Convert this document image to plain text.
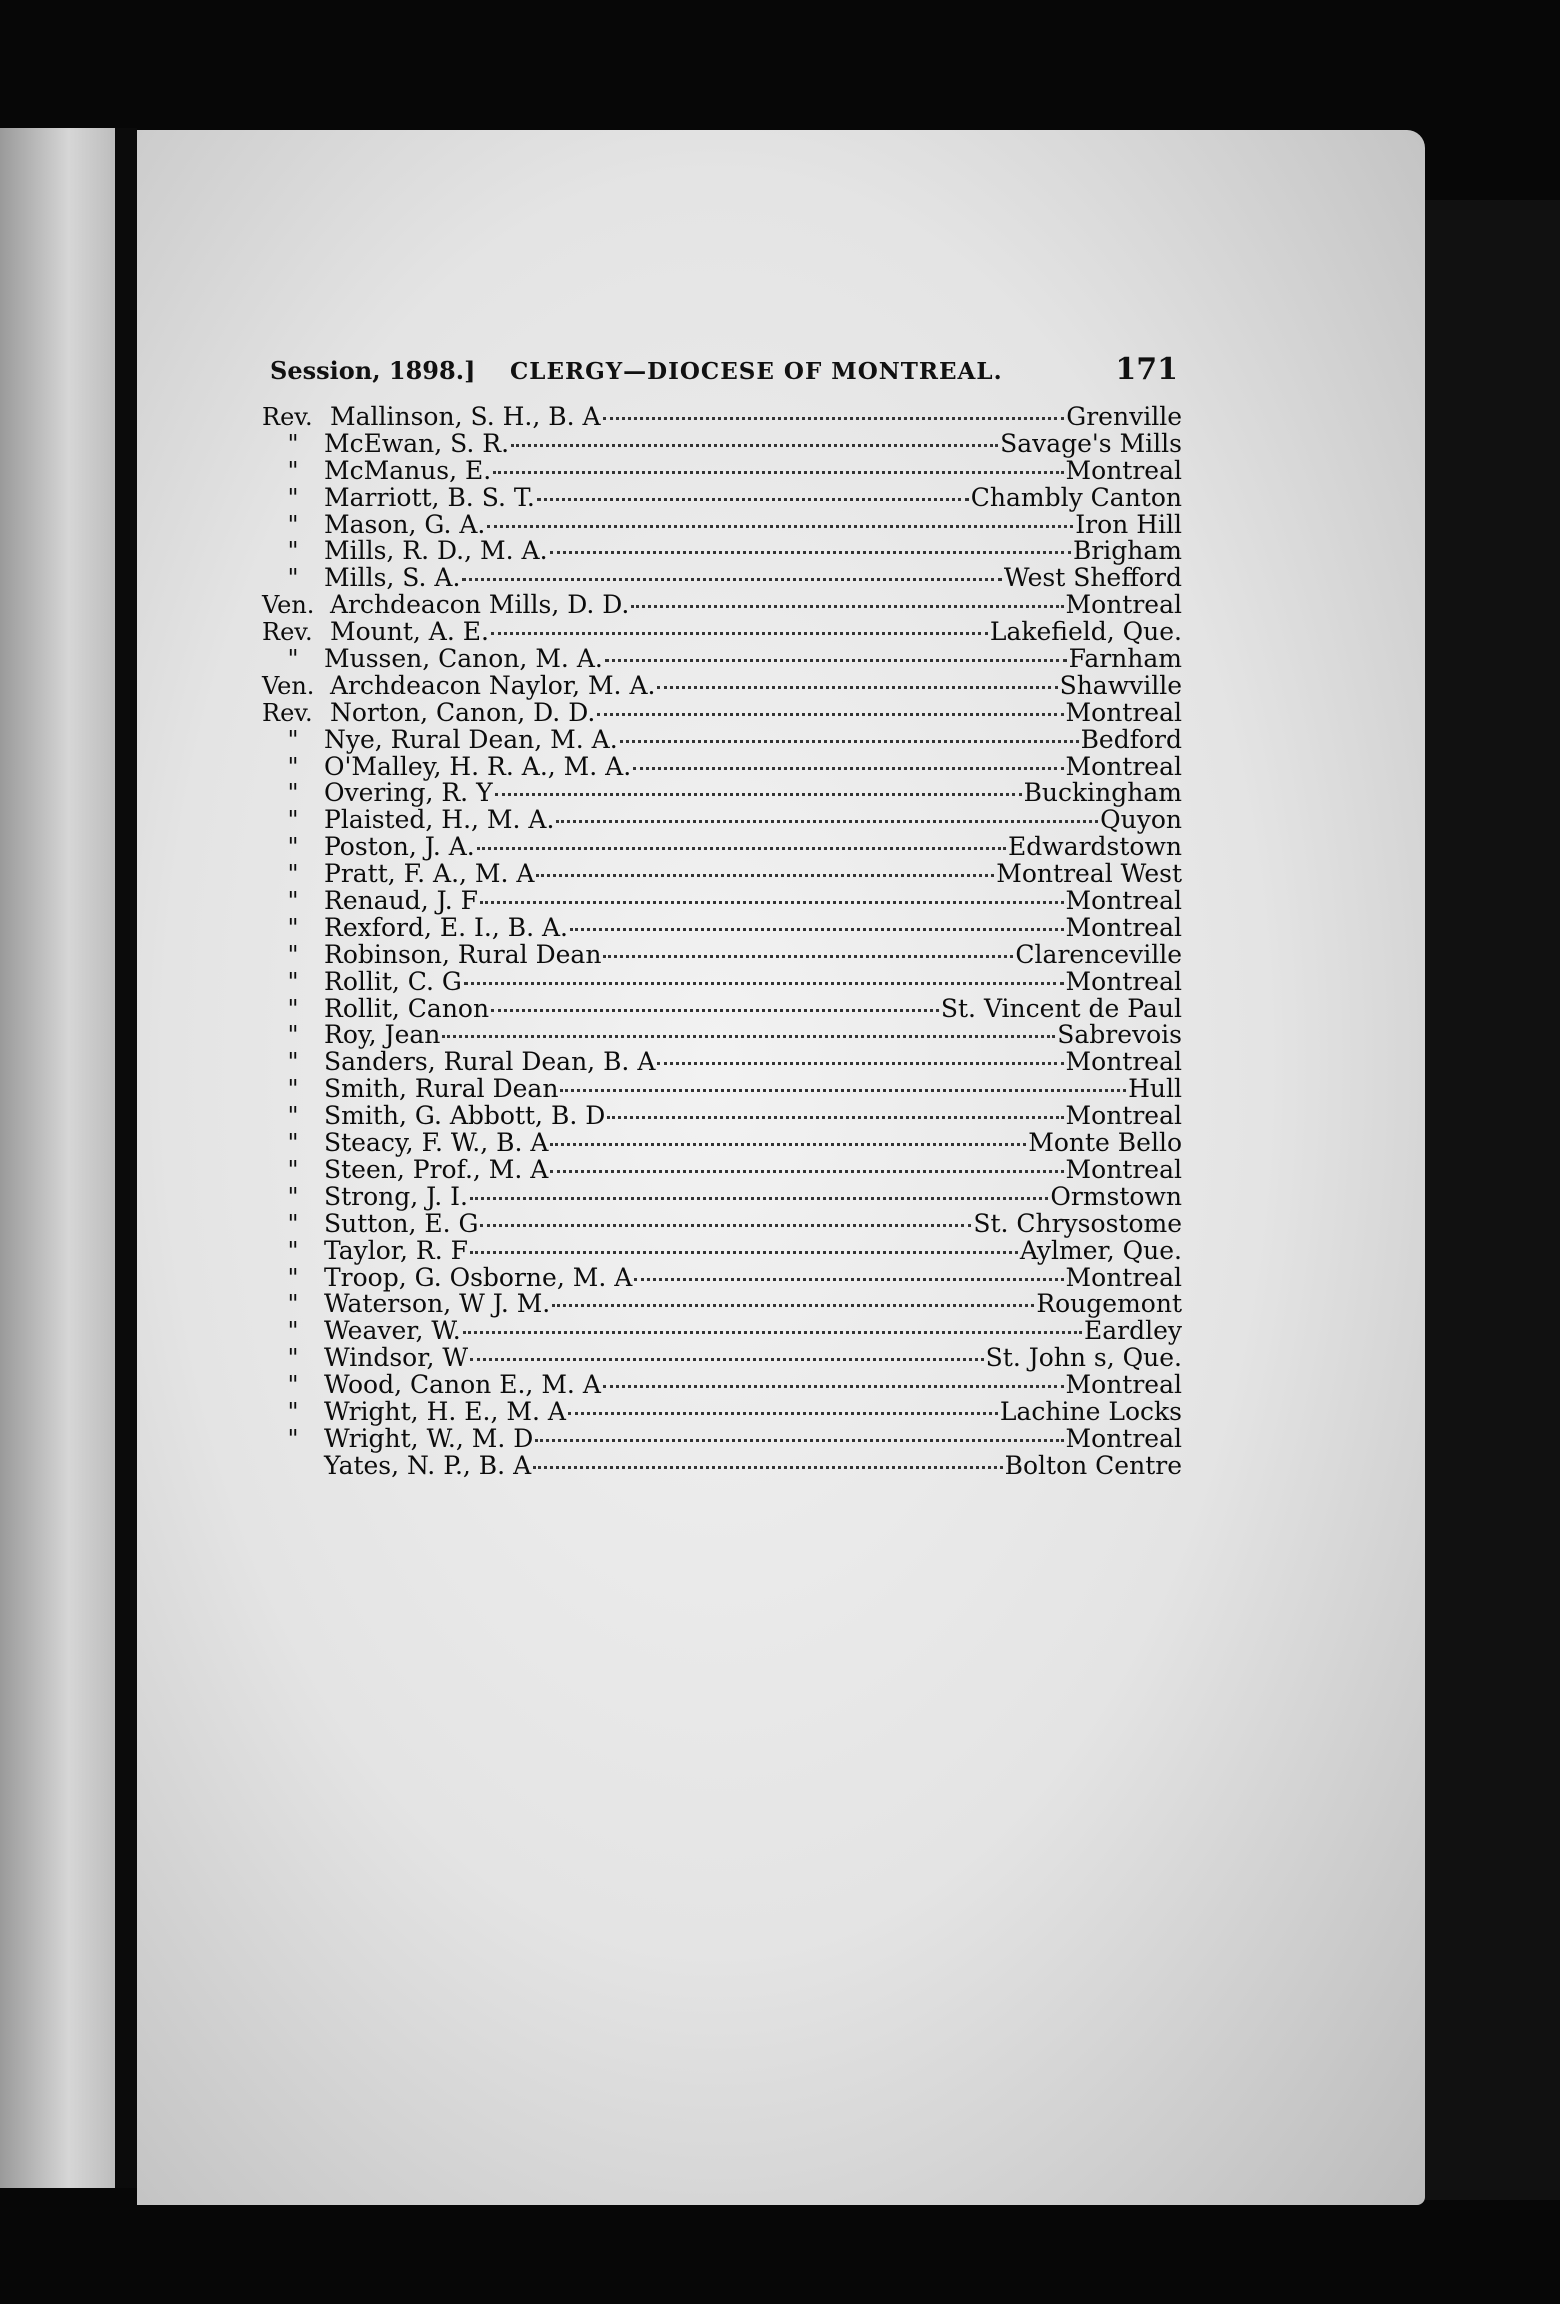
Session, 1898.] CLERGY—DIOCESE OF MONTREAL.	171
Rev. Mallinson, S. H., B. A	Grenville
"	McEwan, S. R.	Savage's Mills
"	McManus, E.	Montreal
"	Marriott, B. S. T.	Chambly Canton
"	Mason, G. A.	Iron Hill
"	Mills, R. D., M. A.	Brigham
"	Mills, S. A.	West Shefford
Ven. Archdeacon Mills, D. D.	Montreal
Rev. Mount, A. E.	Lakefield, Que.
"	Mussen, Canon, M. A.	Farnham
Ven. Archdeacon Naylor, M. A.	Shawville
Rev. Norton, Canon, D. D.	Montreal
"	Nye, Rural Dean, M. A.	Bedford
"	O'Malley, H. R. A., M. A.	Montreal
"	Overing, R. Y	Buckingham
"	Plaisted, H., M. A.	Quyon
"	Poston, J. A.	Edwardstown
"	Pratt, F. A., M. A	Montreal West
"	Renaud, J. F	Montreal
"	Rexford, E. I., B. A.	Montreal
"	Robinson, Rural Dean	Clarenceville
"	Rollit, C. G	Montreal
"	Rollit, Canon	St. Vincent de Paul
"	Roy, Jean	Sabrevois
"	Sanders, Rural Dean, B. A	Montreal
"	Smith, Rural Dean	Hull
"	Smith, G. Abbott, B. D	Montreal
"	Steacy, F. W., B. A	Monte Bello
"	Steen, Prof., M. A	Montreal
"	Strong, J. I.	Ormstown
"	Sutton, E. G	St. Chrysostome
"	Taylor, R. F	Aylmer, Que.
"	Troop, G. Osborne, M. A	Montreal
"	Waterson, W J. M.	Rougemont
"	Weaver, W.	Eardley
"	Windsor, W	St. John s, Que.
"	Wood, Canon E., M. A	Montreal
"	Wright, H. E., M. A	Lachine Locks
"	Wright, W., M. D	Montreal
Yates, N. P., B. A	Bolton Centre
